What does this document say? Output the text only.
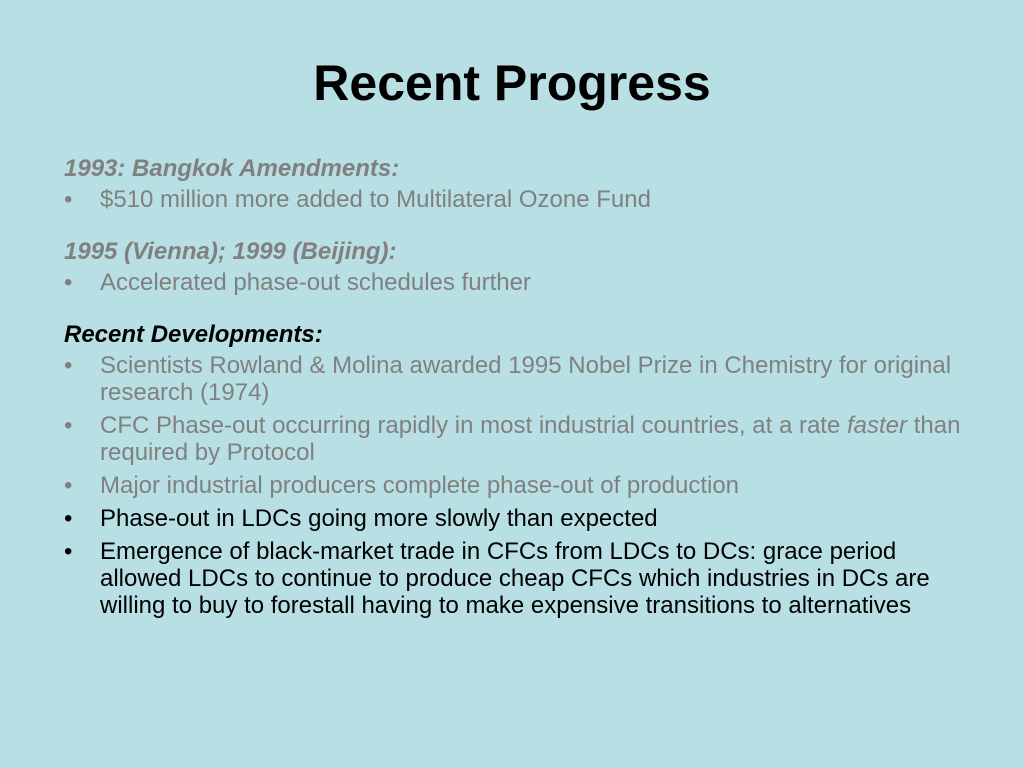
Recent Progress

1993: Bangkok Amendments:

•	$510 million more added to Multilateral Ozone Fund

1995 (Vienna); 1999 (Beijing):

•	Accelerated phase-out schedules further

Recent Developments:

•	Scientists Rowland & Molina awarded 1995 Nobel Prize in Chemistry for original research (1974)
•	CFC Phase-out occurring rapidly in most industrial countries, at a rate faster than required by Protocol
•	Major industrial producers complete phase-out of production
•	Phase-out in LDCs going more slowly than expected
•	Emergence of black-market trade in CFCs from LDCs to DCs: grace period allowed LDCs to continue to produce cheap CFCs which industries in DCs are willing to buy to forestall having to make expensive transitions to alternatives
